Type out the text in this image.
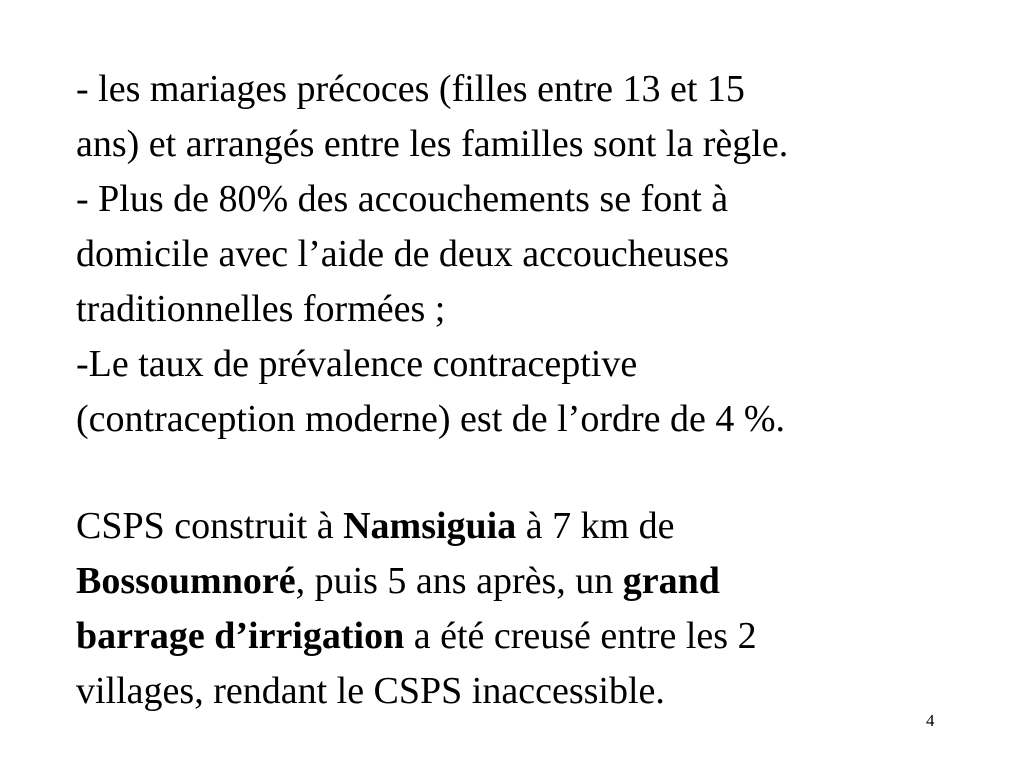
- les mariages précoces (filles entre 13 et 15
ans) et arrangés entre les familles sont la règle.
- Plus de 80% des accouchements se font à
domicile avec l’aide de deux accoucheuses
traditionnelles formées ;
-Le taux de prévalence contraceptive
(contraception moderne) est de l’ordre de 4 %.
CSPS construit à Namsiguia à 7 km de
Bossoumnoré, puis 5 ans après, un grand
barrage d’irrigation a été creusé entre les 2
villages, rendant le CSPS inaccessible.
4
